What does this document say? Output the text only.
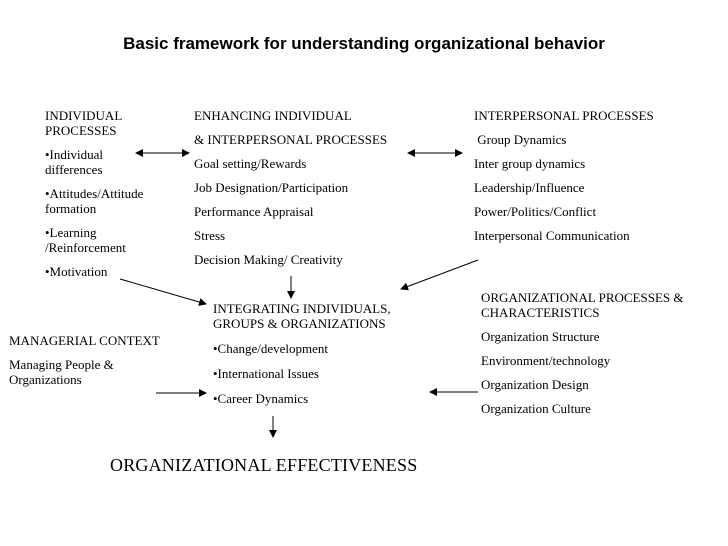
Basic framework for understanding organizational behavior

INDIVIDUAL PROCESSES

•Individual differences

•Attitudes/Attitude formation

•Learning /Reinforcement

•Motivation

ENHANCING INDIVIDUAL

& INTERPERSONAL PROCESSES

Goal setting/Rewards

Job Designation/Participation

Performance Appraisal

Stress

Decision Making/ Creativity

INTERPERSONAL PROCESSES

Group Dynamics

Inter group dynamics

Leadership/Influence

Power/Politics/Conflict

Interpersonal Communication

INTEGRATING INDIVIDUALS, GROUPS & ORGANIZATIONS

•Change/development

•International Issues

•Career Dynamics

MANAGERIAL CONTEXT

Managing People & Organizations

ORGANIZATIONAL PROCESSES & CHARACTERISTICS

Organization Structure

Environment/technology

Organization Design

Organization Culture

ORGANIZATIONAL EFFECTIVENESS
